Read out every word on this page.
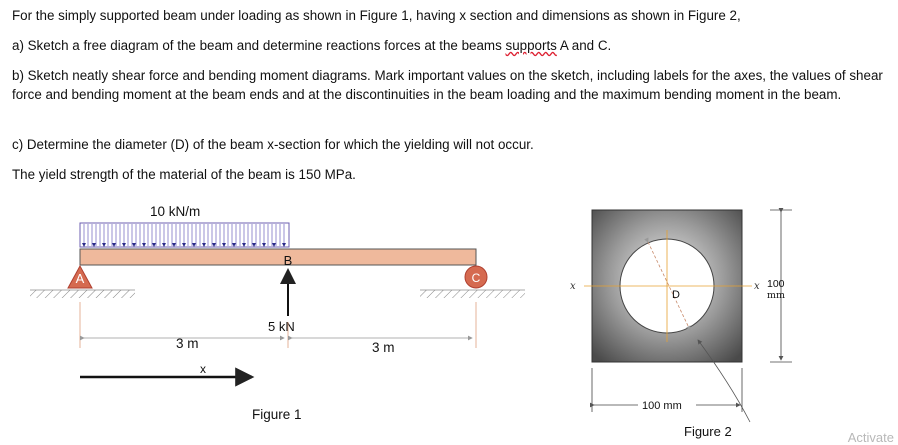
For the simply supported beam under loading as shown in Figure 1, having x section and dimensions as shown in Figure 2,

a) Sketch a free diagram of the beam and determine reactions forces at the beams supports A and C.

b) Sketch neatly shear force and bending moment diagrams. Mark important values on the sketch, including labels for the axes, the values of shear force and bending moment at the beam ends and at the discontinuities in the beam loading and the maximum bending moment in the beam.

c) Determine the diameter (D) of the beam x-section for which the yielding will not occur.

The yield strength of the material of the beam is 150 MPa.

10 kN/m
A
B
C
5 kN
3 m	3 m
x
Figure 1
x	x
D
100
mm
100 mm
Figure 2	Activate
